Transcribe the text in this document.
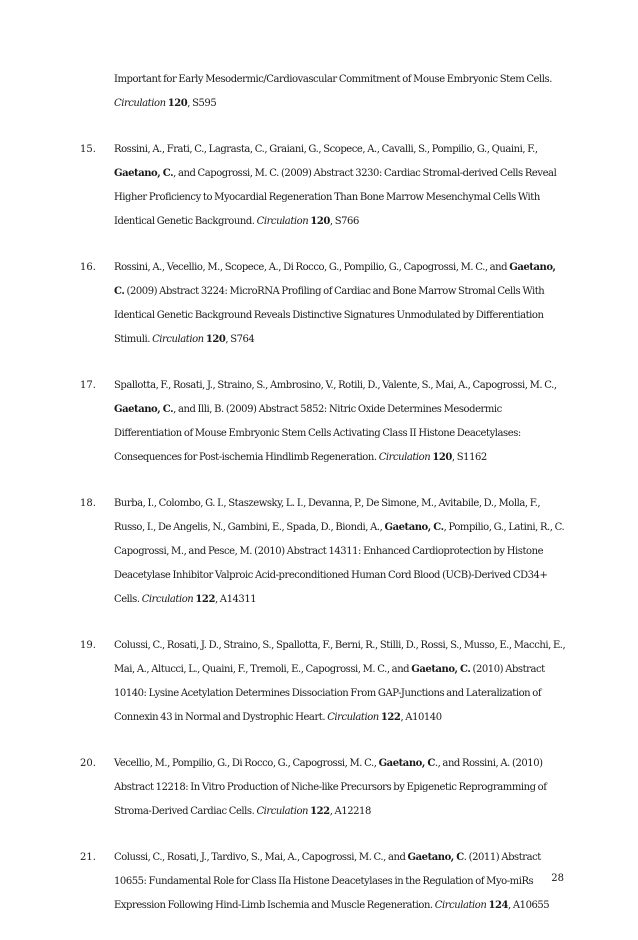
Important for Early Mesodermic/Cardiovascular Commitment of Mouse Embryonic Stem Cells. Circulation 120, S595
15.	Rossini, A., Frati, C., Lagrasta, C., Graiani, G., Scopece, A., Cavalli, S., Pompilio, G., Quaini, F., Gaetano, C., and Capogrossi, M. C. (2009) Abstract 3230: Cardiac Stromal-derived Cells Reveal Higher Proficiency to Myocardial Regeneration Than Bone Marrow Mesenchymal Cells With Identical Genetic Background. Circulation 120, S766
16.	Rossini, A., Vecellio, M., Scopece, A., Di Rocco, G., Pompilio, G., Capogrossi, M. C., and Gaetano, C. (2009) Abstract 3224: MicroRNA Profiling of Cardiac and Bone Marrow Stromal Cells With Identical Genetic Background Reveals Distinctive Signatures Unmodulated by Differentiation Stimuli. Circulation 120, S764
17.	Spallotta, F., Rosati, J., Straino, S., Ambrosino, V., Rotili, D., Valente, S., Mai, A., Capogrossi, M. C., Gaetano, C., and Illi, B. (2009) Abstract 5852: Nitric Oxide Determines Mesodermic Differentiation of Mouse Embryonic Stem Cells Activating Class II Histone Deacetylases: Consequences for Post-ischemia Hindlimb Regeneration. Circulation 120, S1162
18.	Burba, I., Colombo, G. I., Staszewsky, L. I., Devanna, P., De Simone, M., Avitabile, D., Molla, F., Russo, I., De Angelis, N., Gambini, E., Spada, D., Biondi, A., Gaetano, C., Pompilio, G., Latini, R., C. Capogrossi, M., and Pesce, M. (2010) Abstract 14311: Enhanced Cardioprotection by Histone Deacetylase Inhibitor Valproic Acid-preconditioned Human Cord Blood (UCB)-Derived CD34+ Cells. Circulation 122, A14311
19.	Colussi, C., Rosati, J. D., Straino, S., Spallotta, F., Berni, R., Stilli, D., Rossi, S., Musso, E., Macchi, E., Mai, A., Altucci, L., Quaini, F., Tremoli, E., Capogrossi, M. C., and Gaetano, C. (2010) Abstract 10140: Lysine Acetylation Determines Dissociation From GAP-Junctions and Lateralization of Connexin 43 in Normal and Dystrophic Heart. Circulation 122, A10140
20.	Vecellio, M., Pompilio, G., Di Rocco, G., Capogrossi, M. C., Gaetano, C., and Rossini, A. (2010) Abstract 12218: In Vitro Production of Niche-like Precursors by Epigenetic Reprogramming of Stroma-Derived Cardiac Cells. Circulation 122, A12218
21.	Colussi, C., Rosati, J., Tardivo, S., Mai, A., Capogrossi, M. C., and Gaetano, C. (2011) Abstract 10655: Fundamental Role for Class IIa Histone Deacetylases in the Regulation of Myo-miRs Expression Following Hind-Limb Ischemia and Muscle Regeneration. Circulation 124, A10655
28
